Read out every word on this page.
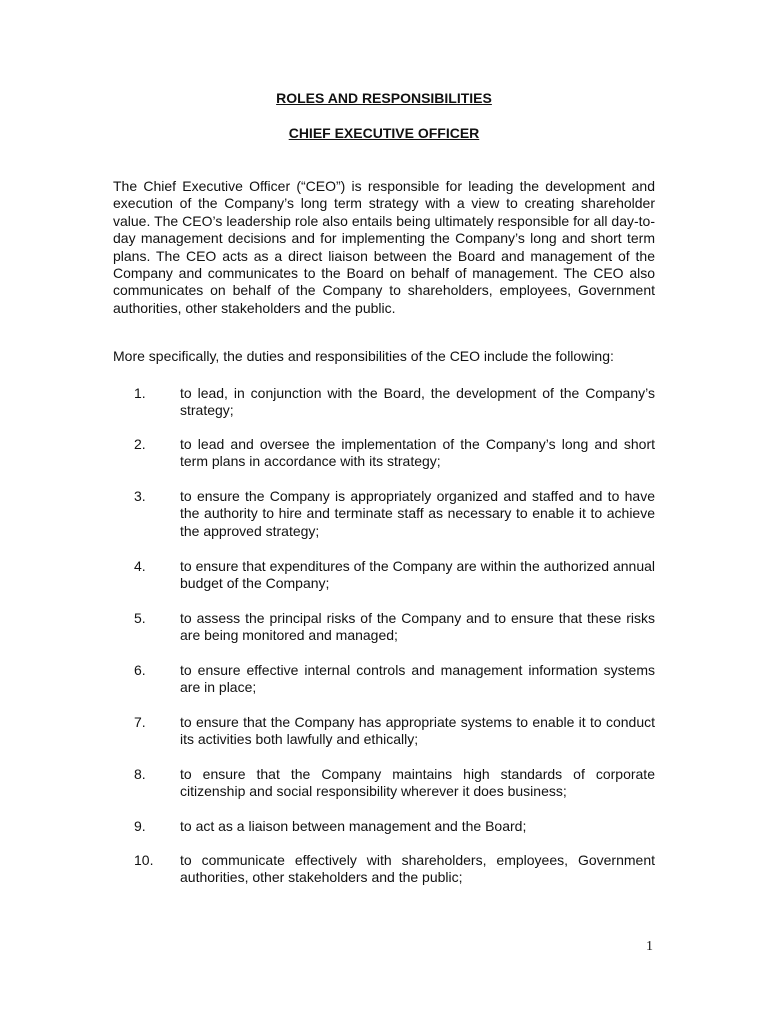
ROLES AND RESPONSIBILITIES
CHIEF EXECUTIVE OFFICER

The Chief Executive Officer (“CEO”) is responsible for leading the development and execution of the Company’s long term strategy with a view to creating shareholder value. The CEO’s leadership role also entails being ultimately responsible for all day-to-day management decisions and for implementing the Company’s long and short term plans. The CEO acts as a direct liaison between the Board and management of the Company and communicates to the Board on behalf of management. The CEO also communicates on behalf of the Company to shareholders, employees, Government authorities, other stakeholders and the public.

More specifically, the duties and responsibilities of the CEO include the following:

1. to lead, in conjunction with the Board, the development of the Company’s strategy;

2. to lead and oversee the implementation of the Company’s long and short term plans in accordance with its strategy;

3. to ensure the Company is appropriately organized and staffed and to have the authority to hire and terminate staff as necessary to enable it to achieve the approved strategy;

4. to ensure that expenditures of the Company are within the authorized annual budget of the Company;

5. to assess the principal risks of the Company and to ensure that these risks are being monitored and managed;

6. to ensure effective internal controls and management information systems are in place;

7. to ensure that the Company has appropriate systems to enable it to conduct its activities both lawfully and ethically;

8. to ensure that the Company maintains high standards of corporate citizenship and social responsibility wherever it does business;

9. to act as a liaison between management and the Board;

10. to communicate effectively with shareholders, employees, Government authorities, other stakeholders and the public;

1
